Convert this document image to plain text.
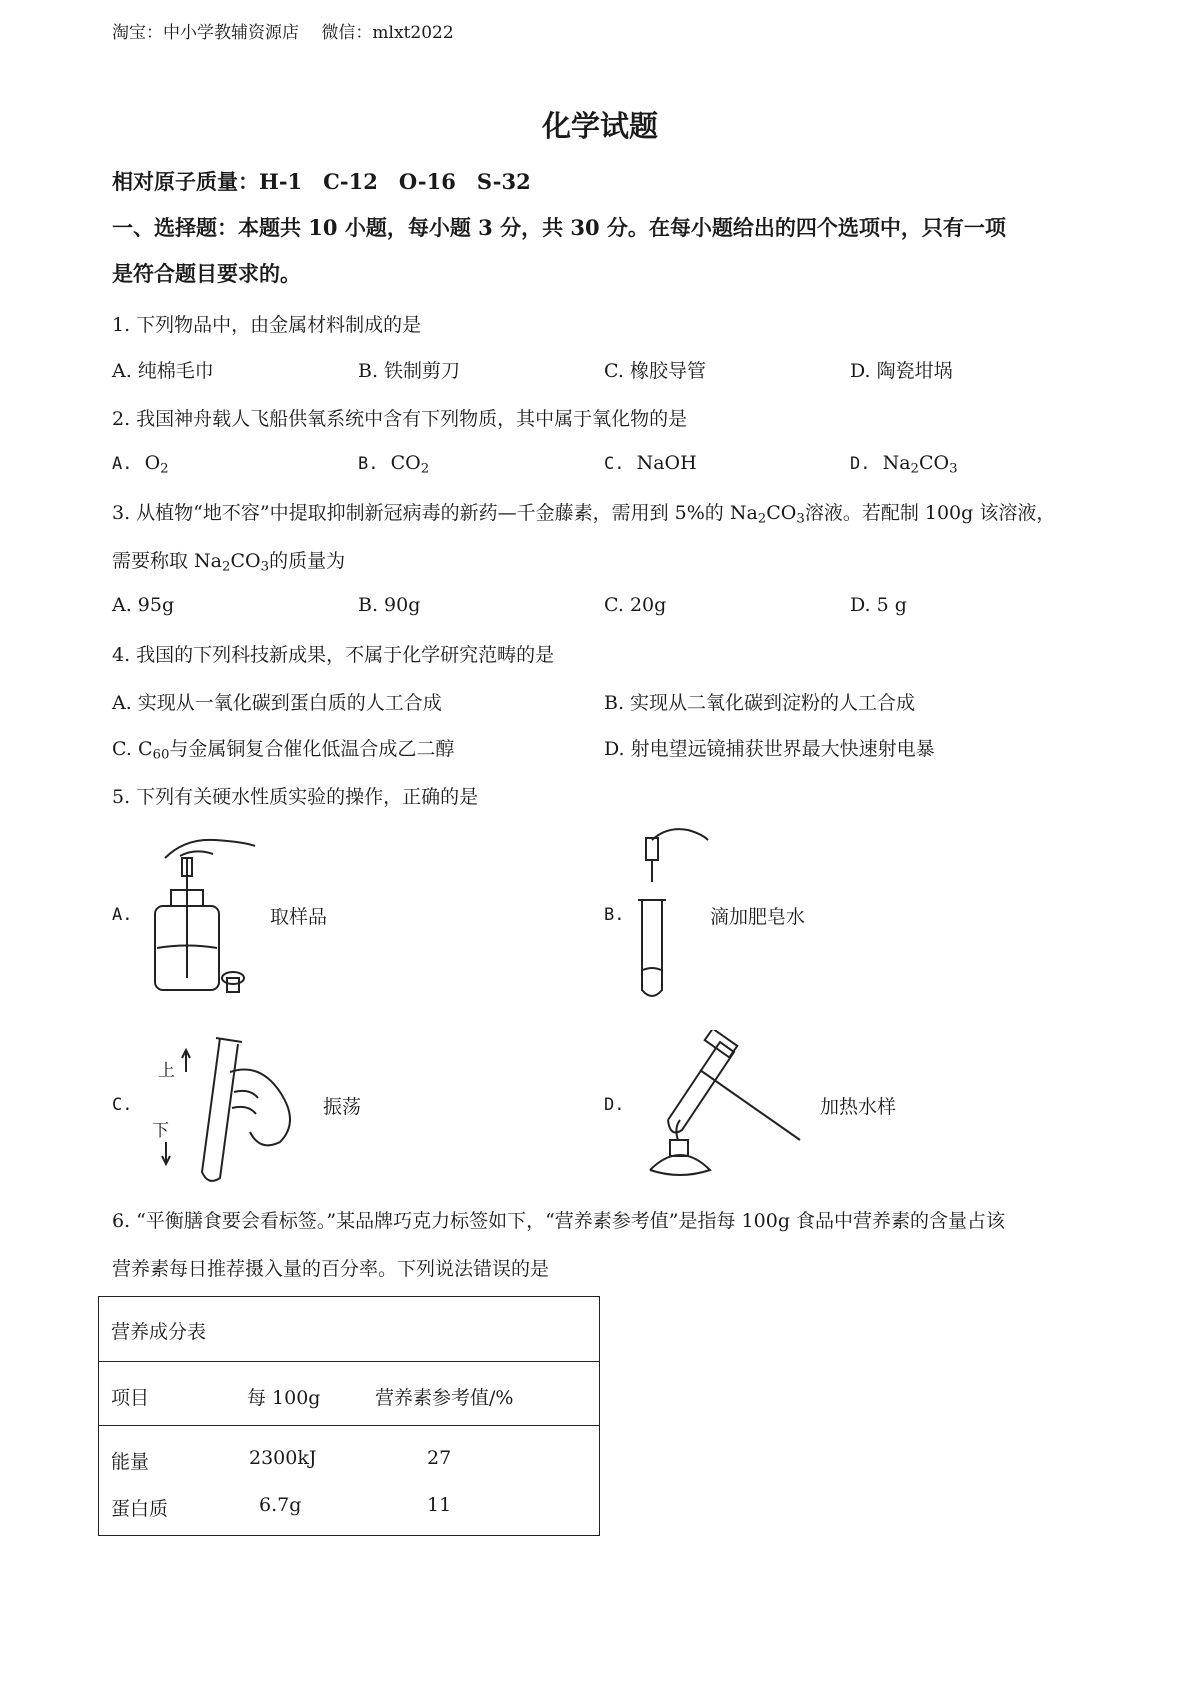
淘宝：中小学教辅资源店　 微信：mlxt2022
化学试题
相对原子质量：H-1　C-12　O-16　S-32
一、选择题：本题共 10 小题，每小题 3 分，共 30 分。在每小题给出的四个选项中，只有一项
是符合题目要求的。
1. 下列物品中，由金属材料制成的是
A. 纯棉毛巾	B. 铁制剪刀	C. 橡胶导管	D. 陶瓷坩埚
2. 我国神舟载人飞船供氧系统中含有下列物质，其中属于氧化物的是
A. $O_2$	B. $CO_2$	C. NaOH	D. $Na_2CO_3$
3. 从植物“地不容”中提取抑制新冠病毒的新药—千金藤素，需用到 5%的 $Na_2CO_3$溶液。若配制 100g 该溶液，
需要称取 $Na_2CO_3$的质量为
A. 95g	B. 90g	C. 20g	D. 5 g
4. 我国的下列科技新成果，不属于化学研究范畴的是
A. 实现从一氧化碳到蛋白质的人工合成	B. 实现从二氧化碳到淀粉的人工合成
C. $C_{60}$与金属铜复合催化低温合成乙二醇	D. 射电望远镜捕获世界最大快速射电暴
5. 下列有关硬水性质实验的操作，正确的是
A.	取样品	B.	滴加肥皂水
C.
上
下
振荡	D.	加热水样
6. “平衡膳食要会看标签。”某品牌巧克力标签如下，“营养素参考值”是指每 100g 食品中营养素的含量占该
营养素每日推荐摄入量的百分率。下列说法错误的是
营养成分表
项目	每 100g	营养素参考值/%
能量	2300kJ	27
蛋白质	6.7g	11
